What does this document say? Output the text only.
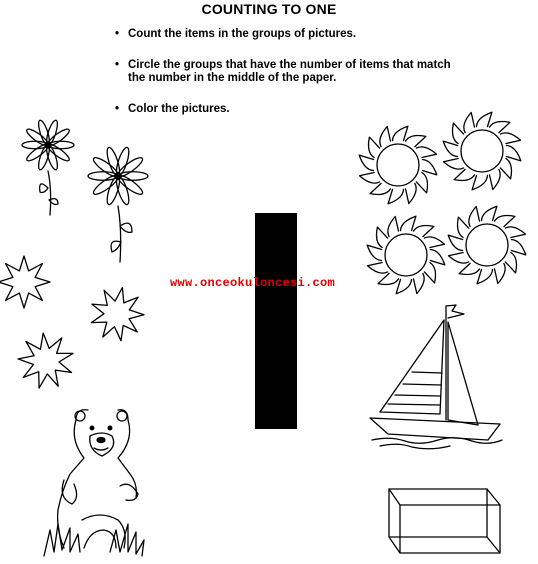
COUNTING TO ONE
• Count the items in the groups of pictures.
• Circle the groups that have the number of items that match
the number in the middle of the paper.
• Color the pictures.
www.onceokuloncesi.com
